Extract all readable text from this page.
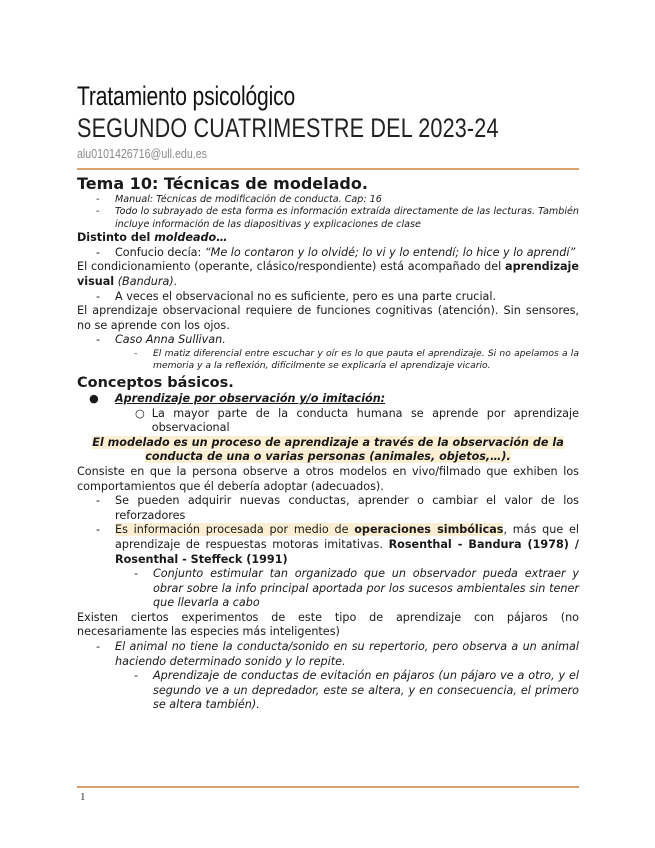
Tratamiento psicológico
SEGUNDO CUATRIMESTRE DEL 2023-24
alu0101426716@ull.edu.es
Tema 10: Técnicas de modelado.
-	Manual: Técnicas de modificación de conducta. Cap: 16
-	Todo lo subrayado de esta forma es información extraída directamente de las lecturas. También incluye información de las diapositivas y explicaciones de clase
Distinto del moldeado…
-	Confucio decía: “Me lo contaron y lo olvidé; lo vi y lo entendí; lo hice y lo aprendí”
El condicionamiento (operante, clásico/respondiente) está acompañado del aprendizaje visual (Bandura).
-	A veces el observacional no es suficiente, pero es una parte crucial.
El aprendizaje observacional requiere de funciones cognitivas (atención). Sin sensores, no se aprende con los ojos.
-	Caso Anna Sullivan.
-	El matiz diferencial entre escuchar y oír es lo que pauta el aprendizaje. Si no apelamos a la memoria y a la reflexión, difícilmente se explicaría el aprendizaje vicario.
Conceptos básicos.
●	Aprendizaje por observación y/o imitación:
○ La mayor parte de la conducta humana se aprende por aprendizaje observacional
El modelado es un proceso de aprendizaje a través de la observación de la conducta de una o varias personas (animales, objetos,…).
Consiste en que la persona observe a otros modelos en vivo/filmado que exhiben los comportamientos que él debería adoptar (adecuados).
-	Se pueden adquirir nuevas conductas, aprender o cambiar el valor de los reforzadores
-	Es información procesada por medio de operaciones simbólicas, más que el aprendizaje de respuestas motoras imitativas. Rosenthal - Bandura (1978) / Rosenthal - Steffeck (1991)
-	Conjunto estimular tan organizado que un observador pueda extraer y obrar sobre la info principal aportada por los sucesos ambientales sin tener que llevarla a cabo
Existen ciertos experimentos de este tipo de aprendizaje con pájaros (no necesariamente las especies más inteligentes)
-	El animal no tiene la conducta/sonido en su repertorio, pero observa a un animal haciendo determinado sonido y lo repite.
-	Aprendizaje de conductas de evitación en pájaros (un pájaro ve a otro, y el segundo ve a un depredador, este se altera, y en consecuencia, el primero se altera también).
1
